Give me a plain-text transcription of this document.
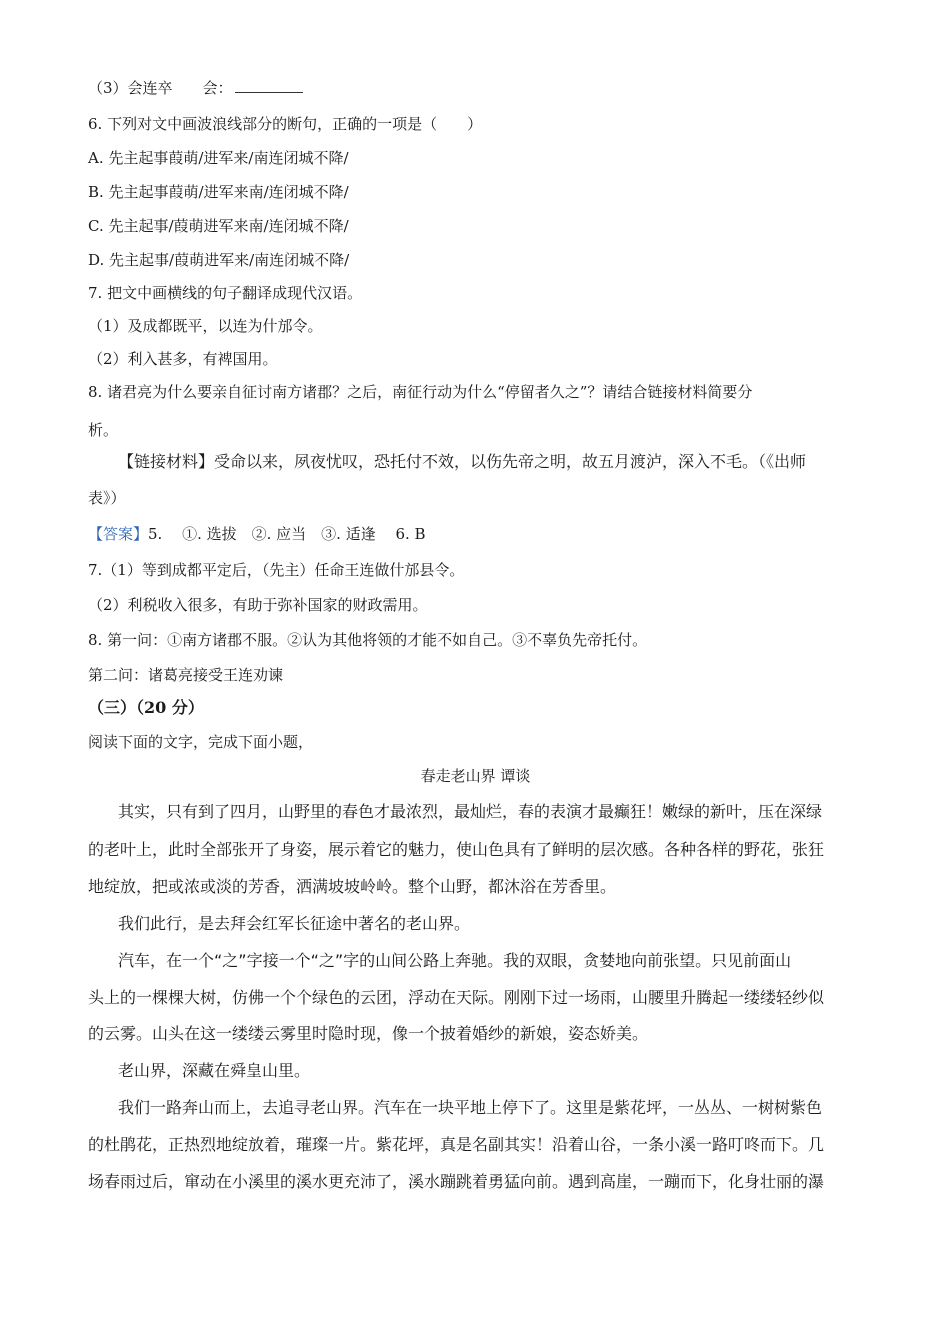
（3）会连卒 会：
6. 下列对文中画波浪线部分的断句，正确的一项是（　　）
A. 先主起事葭萌/进军来/南连闭城不降/
B. 先主起事葭萌/进军来南/连闭城不降/
C. 先主起事/葭萌进军来南/连闭城不降/
D. 先主起事/葭萌进军来/南连闭城不降/
7. 把文中画横线的句子翻译成现代汉语。
（1）及成都既平，以连为什邡令。
（2）利入甚多，有裨国用。
8. 诸君亮为什么要亲自征讨南方诸郡？之后，南征行动为什么“停留者久之”？请结合链接材料简要分
析。
【链接材料】受命以来，夙夜忧叹，恐托付不效，以伤先帝之明，故五月渡泸，深入不毛。（《出师
表》）
【答案】5.　 ①. 选拔　②. 应当　③. 适逢　 6. B
7.（1）等到成都平定后，（先主）任命王连做什邡县令。
（2）利税收入很多，有助于弥补国家的财政需用。
8. 第一问：①南方诸郡不服。②认为其他将领的才能不如自己。③不辜负先帝托付。
第二问：诸葛亮接受王连劝谏
（三）（20 分）
阅读下面的文字，完成下面小题，
春走老山界 谭谈
其实，只有到了四月，山野里的春色才最浓烈，最灿烂，春的表演才最癫狂！嫩绿的新叶，压在深绿
的老叶上，此时全部张开了身姿，展示着它的魅力，使山色具有了鲜明的层次感。各种各样的野花，张狂
地绽放，把或浓或淡的芳香，洒满坡坡岭岭。整个山野，都沐浴在芳香里。
我们此行，是去拜会红军长征途中著名的老山界。
汽车，在一个“之”字接一个“之”字的山间公路上奔驰。我的双眼，贪婪地向前张望。只见前面山
头上的一棵棵大树，仿佛一个个绿色的云团，浮动在天际。刚刚下过一场雨，山腰里升腾起一缕缕轻纱似
的云雾。山头在这一缕缕云雾里时隐时现，像一个披着婚纱的新娘，姿态娇美。
老山界，深藏在舜皇山里。
我们一路奔山而上，去追寻老山界。汽车在一块平地上停下了。这里是紫花坪，一丛丛、一树树紫色
的杜鹃花，正热烈地绽放着，璀璨一片。紫花坪，真是名副其实！沿着山谷，一条小溪一路叮咚而下。几
场春雨过后，窜动在小溪里的溪水更充沛了，溪水蹦跳着勇猛向前。遇到高崖，一蹦而下，化身壮丽的瀑
